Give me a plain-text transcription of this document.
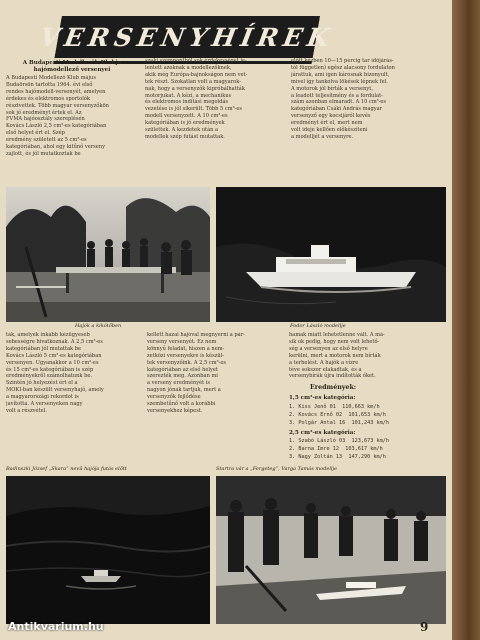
VERSENYHÍREK
A Budapesti Modellezők Klubja hajómodellező versenyei
A Budapesti Modellező Klub május
Budaörsön tartotta 1964. évi első
rendes hajómodell-versenyét, amelyen
érdekes és elektromos sportolók
résztvettek. Több magyar versenyzőkön
sok jó eredményt értek el. Az
FVMA hajóosztály szereplésén
Kovács László 2,5 cm³-es kategóriában
első helyet ért el. Szép
eredmény született az 5 cm³-es
kategóriában, ahol egy kitűnő verseny
zajlott, és jól mutatkoztak be
szaki szempontból sok érdekességet je-
lentett azoknak a modellezőknek,
akik még Európa-bajnokságon nem vet-
tek részt. Szokatlan volt a magyarok-
nak, hogy a versenyzők kipróbálhatták
motorjukat. A kézi, a mechanikus
és elektromos indítási megoldás
vezetése is jól sikerült. Több 5 cm³-es
modell versenyzett. A 10 cm³-es
kategóriában is jó eredmények
születtek. A kezdetek után a
modellek szép futást mutattak.
előtt kézben 10—15 percig tar ídőjárás-
tól független) egész alacsony fordulaton
járattuk, ami igen károsnak bizonyult,
mivel így tankolva lökések lépnek fel.
A motorok jól bírták a versenyt,
a leadott teljesítmény és a fordulat-
szám azonban elmaradt. A 10 cm³-es
kategóriában Csáki András magyar
versenyző egy kocsijáról kevés
eredményt ért el, mert nem
volt ideje kellően előkészíteni
a modelljét a versenyre.
Hajók a kikötőben	Fodor László modellje
ták, amelyek inkább kézügyeseb
sebességre hivatkoznak. A 2,5 cm³-es
kategóriában jól mutattak be
Kovács László 5 cm³-es kategóriában
versenyen. Ugyanakkor a 10 cm³-es
és 15 cm³-es kategóriában is szép
eredményekről számolhatunk be.
Szintén jó helyezést ért el a
MOKI-ban készült versenyhajó, amely
a magyarországi rekordot is
javította. A versenyeken nagy
volt a részvétel.
kellett hazai hajóval megnyerni a pár-
verseny versenyét. Ez nem
könnyű feladat, hiszen a nem-
zetközi versenyekre is készül-
tek versenyzőink. A 2,5 cm³-es
kategóriában az első helyet
szerezték meg. Azonban mi
a verseny eredményét is
nagyon jónak tartjuk, mert a
versenyzők fejlődése
szembetűnő volt a korábbi
versenyekhez képest.
hamak miatt lehetetlenné vált. A má-
sik ok pedig, hogy nem volt lehető-
ség a versenyen az első helyre
kerülni, mert a motorok nem bírták
a terhelést. A hajók a vízre
téve sokszor elakadtak, és a
versenybírák újra indították őket.
Eredmények:
1,5 cm³-es kategória:
1. Kiss Jenő 01  110,663 km/h
2. Kovács Ernő 02  101,653 km/h
3. Polgár Antal 16  101,243 km/h
2,5 cm³-es kategória:
1. Szabó László 03  123,673 km/h
2. Barna Imre 12  103,617 km/h
3. Nagy Zoltán 13  147,290 km/h
Badinszki József „Skara” nevű hajója futás előtt	Startra vár a „Fergeteg”, Varga Tamás modellje
9
Antikvarium.hu
